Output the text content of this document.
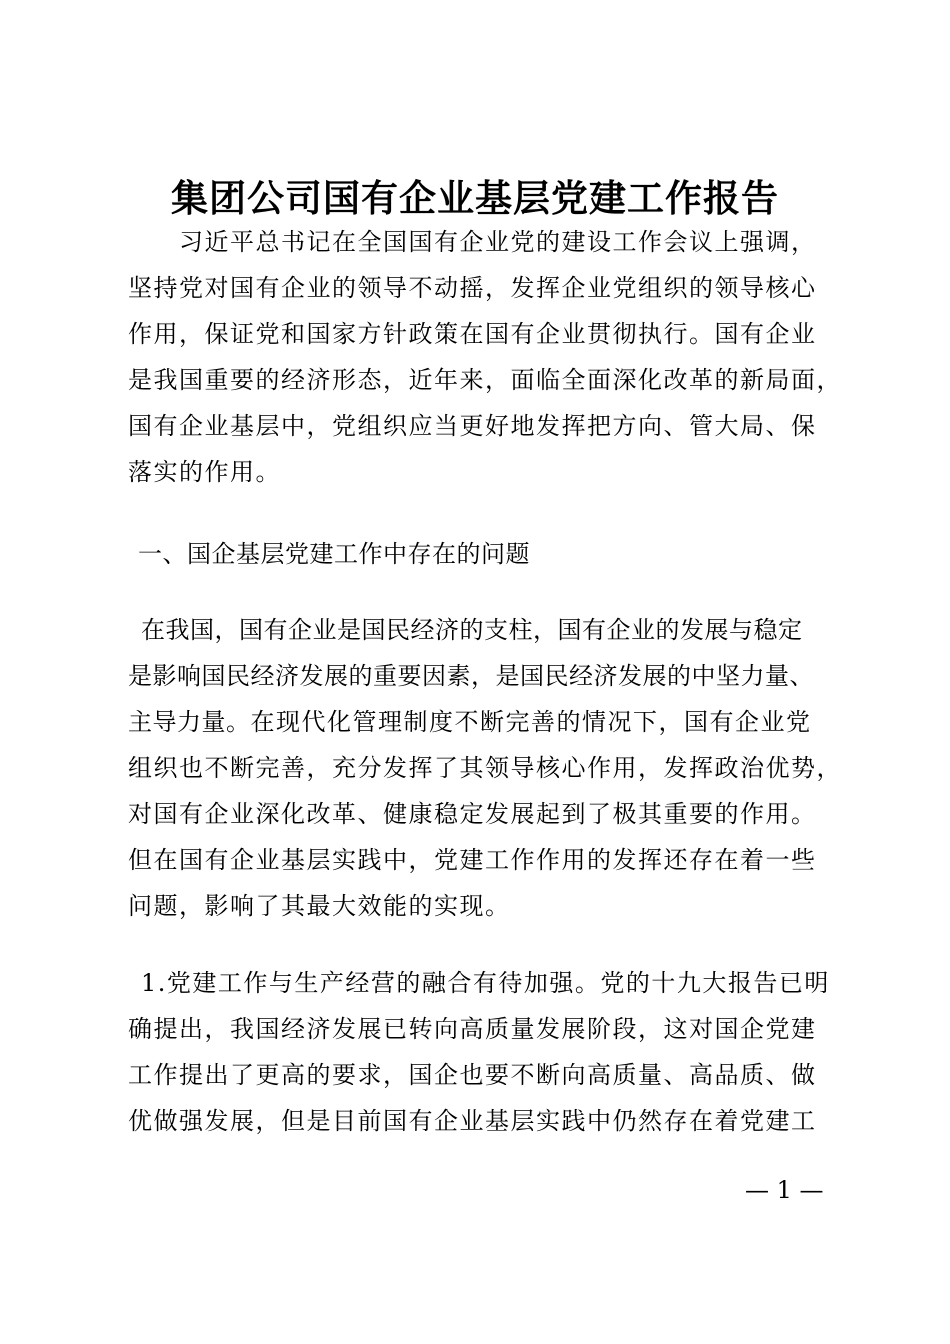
集团公司国有企业基层党建工作报告
　　习近平总书记在全国国有企业党的建设工作会议上强调，
坚持党对国有企业的领导不动摇，发挥企业党组织的领导核心
作用，保证党和国家方针政策在国有企业贯彻执行。国有企业
是我国重要的经济形态，近年来，面临全面深化改革的新局面，
国有企业基层中，党组织应当更好地发挥把方向、管大局、保
落实的作用。
一、国企基层党建工作中存在的问题
在我国，国有企业是国民经济的支柱，国有企业的发展与稳定
是影响国民经济发展的重要因素，是国民经济发展的中坚力量、
主导力量。在现代化管理制度不断完善的情况下，国有企业党
组织也不断完善，充分发挥了其领导核心作用，发挥政治优势，
对国有企业深化改革、健康稳定发展起到了极其重要的作用。
但在国有企业基层实践中，党建工作作用的发挥还存在着一些
问题，影响了其最大效能的实现。
1.党建工作与生产经营的融合有待加强。党的十九大报告已明
确提出，我国经济发展已转向高质量发展阶段，这对国企党建
工作提出了更高的要求，国企也要不断向高质量、高品质、做
优做强发展，但是目前国有企业基层实践中仍然存在着党建工
— 1 —
